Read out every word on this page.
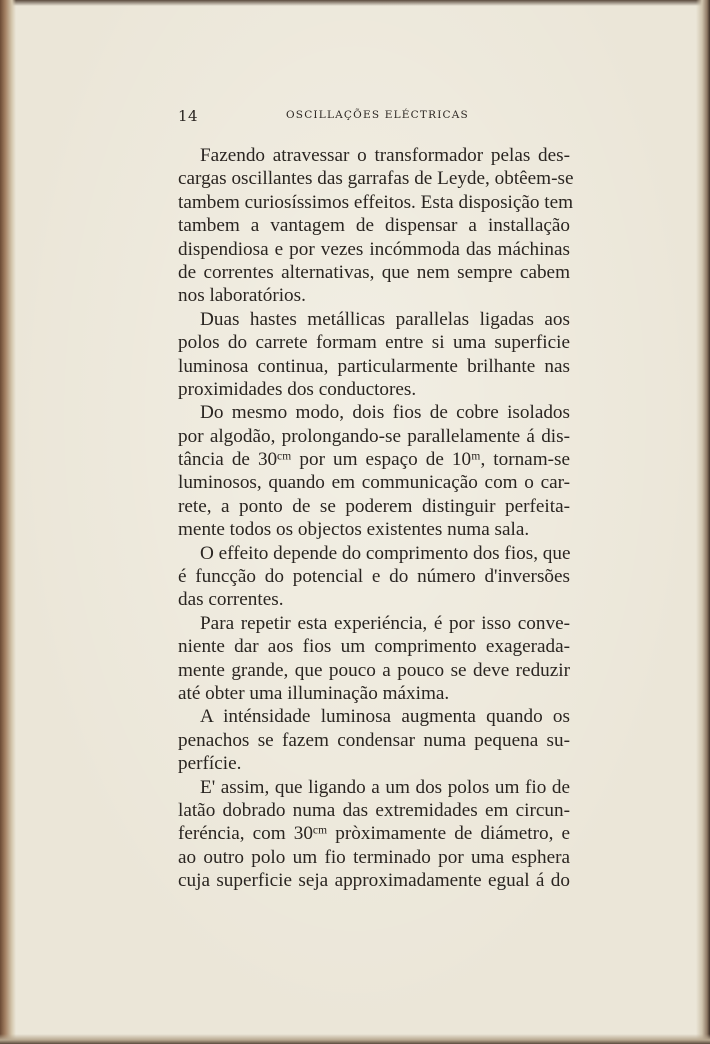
14	OSCILLAÇÕES ELÉCTRICAS
Fazendo atravessar o transformador pelas des-
cargas oscillantes das garrafas de Leyde, obtêem-se
tambem curiosíssimos effeitos. Esta disposição tem
tambem a vantagem de dispensar a installação
dispendiosa e por vezes incómmoda das máchinas
de correntes alternativas, que nem sempre cabem
nos laboratórios.
Duas hastes metállicas parallelas ligadas aos
polos do carrete formam entre si uma superficie
luminosa continua, particularmente brilhante nas
proximidades dos conductores.
Do mesmo modo, dois fios de cobre isolados
por algodão, prolongando-se parallelamente á dis-
tância de 30ᶜᵐ por um espaço de 10ᵐ, tornam-se
luminosos, quando em communicação com o car-
rete, a ponto de se poderem distinguir perfeita-
mente todos os objectos existentes numa sala.
O effeito depende do comprimento dos fios, que
é funcção do potencial e do número d'inversões
das correntes.
Para repetir esta experiéncia, é por isso conve-
niente dar aos fios um comprimento exagerada-
mente grande, que pouco a pouco se deve reduzir
até obter uma illuminação máxima.
A inténsidade luminosa augmenta quando os
penachos se fazem condensar numa pequena su-
perfície.
E' assim, que ligando a um dos polos um fio de
latão dobrado numa das extremidades em circun-
feréncia, com 30ᶜᵐ pròximamente de diámetro, e
ao outro polo um fio terminado por uma esphera
cuja superficie seja approximadamente egual á do
